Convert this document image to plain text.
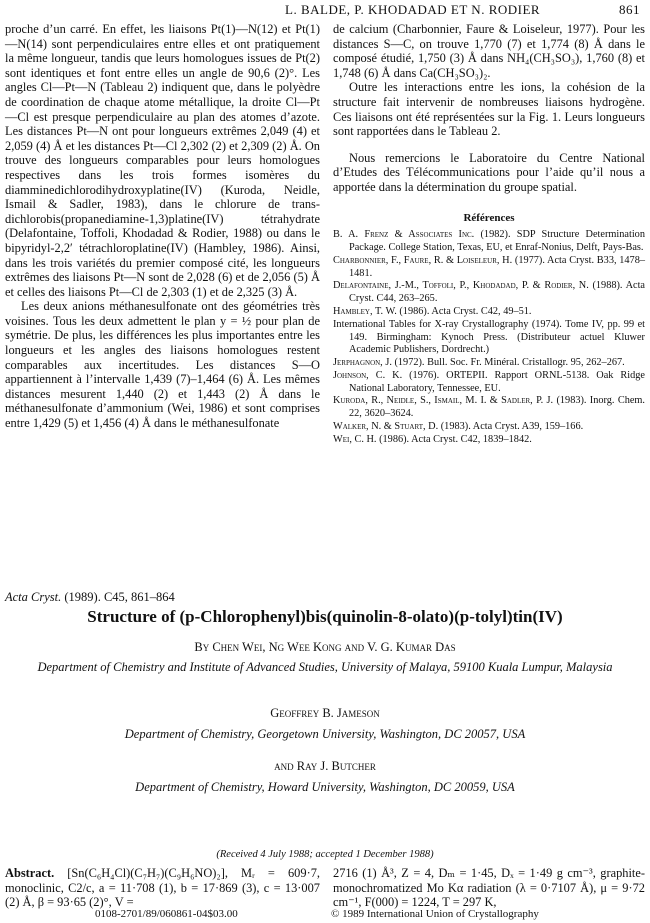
L. BALDE, P. KHODADAD ET N. RODIER	861

proche d’un carré. En effet, les liaisons Pt(1)—N(12) et Pt(1)—N(14) sont perpendiculaires entre elles et ont pratiquement la même longueur, tandis que leurs homologues issues de Pt(2) sont identiques et font entre elles un angle de 90,6 (2)°. Les angles Cl—Pt—N (Tableau 2) indiquent que, dans le polyèdre de coordination de chaque atome métallique, la droite Cl—Pt—Cl est presque perpendiculaire au plan des atomes d’azote. Les distances Pt—N ont pour longueurs extrêmes 2,049 (4) et 2,059 (4) Å et les distances Pt—Cl 2,302 (2) et 2,309 (2) Å. On trouve des longueurs comparables pour leurs homologues respectives dans les trois formes isomères du diamminedichlorodihydroxyplatine(IV) (Kuroda, Neidle, Ismail & Sadler, 1983), dans le chlorure de trans-dichlorobis(propanediamine-1,3)platine(IV) tétrahydrate (Delafontaine, Toffoli, Khodadad & Rodier, 1988) ou dans le bipyridyl-2,2′ tétrachloroplatine(IV) (Hambley, 1986). Ainsi, dans les trois variétés du premier composé cité, les longueurs extrêmes des liaisons Pt—N sont de 2,028 (6) et de 2,056 (5) Å et celles des liaisons Pt—Cl de 2,303 (1) et de 2,325 (3) Å.

Les deux anions méthanesulfonate ont des géométries très voisines. Tous les deux admettent le plan y = ½ pour plan de symétrie. De plus, les différences les plus importantes entre les longueurs et les angles des liaisons homologues restent comparables aux incertitudes. Les distances S—O appartiennent à l’intervalle 1,439 (7)–1,464 (6) Å. Les mêmes distances mesurent 1,440 (2) et 1,443 (2) Å dans le méthanesulfonate d’ammonium (Wei, 1986) et sont comprises entre 1,429 (5) et 1,456 (4) Å dans le méthanesulfonate

de calcium (Charbonnier, Faure & Loiseleur, 1977). Pour les distances S—C, on trouve 1,770 (7) et 1,774 (8) Å dans le composé étudié, 1,750 (3) Å dans NH₄(CH₃SO₃), 1,760 (8) et 1,748 (6) Å dans Ca(CH₃SO₃)₂.

Outre les interactions entre les ions, la cohésion de la structure fait intervenir de nombreuses liaisons hydrogène. Ces liaisons ont été représentées sur la Fig. 1. Leurs longueurs sont rapportées dans le Tableau 2.

Nous remercions le Laboratoire du Centre National d’Etudes des Télécommunications pour l’aide qu’il nous a apportée dans la détermination du groupe spatial.

Références

B. A. Frenz & Associates Inc. (1982). SDP Structure Determination Package. College Station, Texas, EU, et Enraf-Nonius, Delft, Pays-Bas.

Charbonnier, F., Faure, R. & Loiseleur, H. (1977). Acta Cryst. B33, 1478–1481.

Delafontaine, J.-M., Toffoli, P., Khodadad, P. & Rodier, N. (1988). Acta Cryst. C44, 263–265.

Hambley, T. W. (1986). Acta Cryst. C42, 49–51.

International Tables for X-ray Crystallography (1974). Tome IV, pp. 99 et 149. Birmingham: Kynoch Press. (Distributeur actuel Kluwer Academic Publishers, Dordrecht.)

Jerphagnon, J. (1972). Bull. Soc. Fr. Minéral. Cristallogr. 95, 262–267.

Johnson, C. K. (1976). ORTEPII. Rapport ORNL-5138. Oak Ridge National Laboratory, Tennessee, EU.

Kuroda, R., Neidle, S., Ismail, M. I. & Sadler, P. J. (1983). Inorg. Chem. 22, 3620–3624.

Walker, N. & Stuart, D. (1983). Acta Cryst. A39, 159–166.

Wei, C. H. (1986). Acta Cryst. C42, 1839–1842.

Acta Cryst. (1989). C45, 861–864
Structure of (p-Chlorophenyl)bis(quinolin-8-olato)(p-tolyl)tin(IV)
By Chen Wei, Ng Wee Kong and V. G. Kumar Das
Department of Chemistry and Institute of Advanced Studies, University of Malaya, 59100 Kuala Lumpur, Malaysia
Geoffrey B. Jameson
Department of Chemistry, Georgetown University, Washington, DC 20057, USA
and Ray J. Butcher
Department of Chemistry, Howard University, Washington, DC 20059, USA
(Received 4 July 1988; accepted 1 December 1988)
Abstract. [Sn(C₆H₄Cl)(C₇H₇)(C₉H₆NO)₂], Mᵣ = 609·7, monoclinic, C2/c, a = 11·708 (1), b = 17·869 (3), c = 13·007 (2) Å, β = 93·65 (2)°, V =
2716 (1) Å³, Z = 4, Dₘ = 1·45, Dₓ = 1·49 g cm⁻³, graphite-monochromatized Mo Kα radiation (λ = 0·7107 Å), μ = 9·72 cm⁻¹, F(000) = 1224, T = 297 K,
0108-2701/89/060861-04$03.00	© 1989 International Union of Crystallography
